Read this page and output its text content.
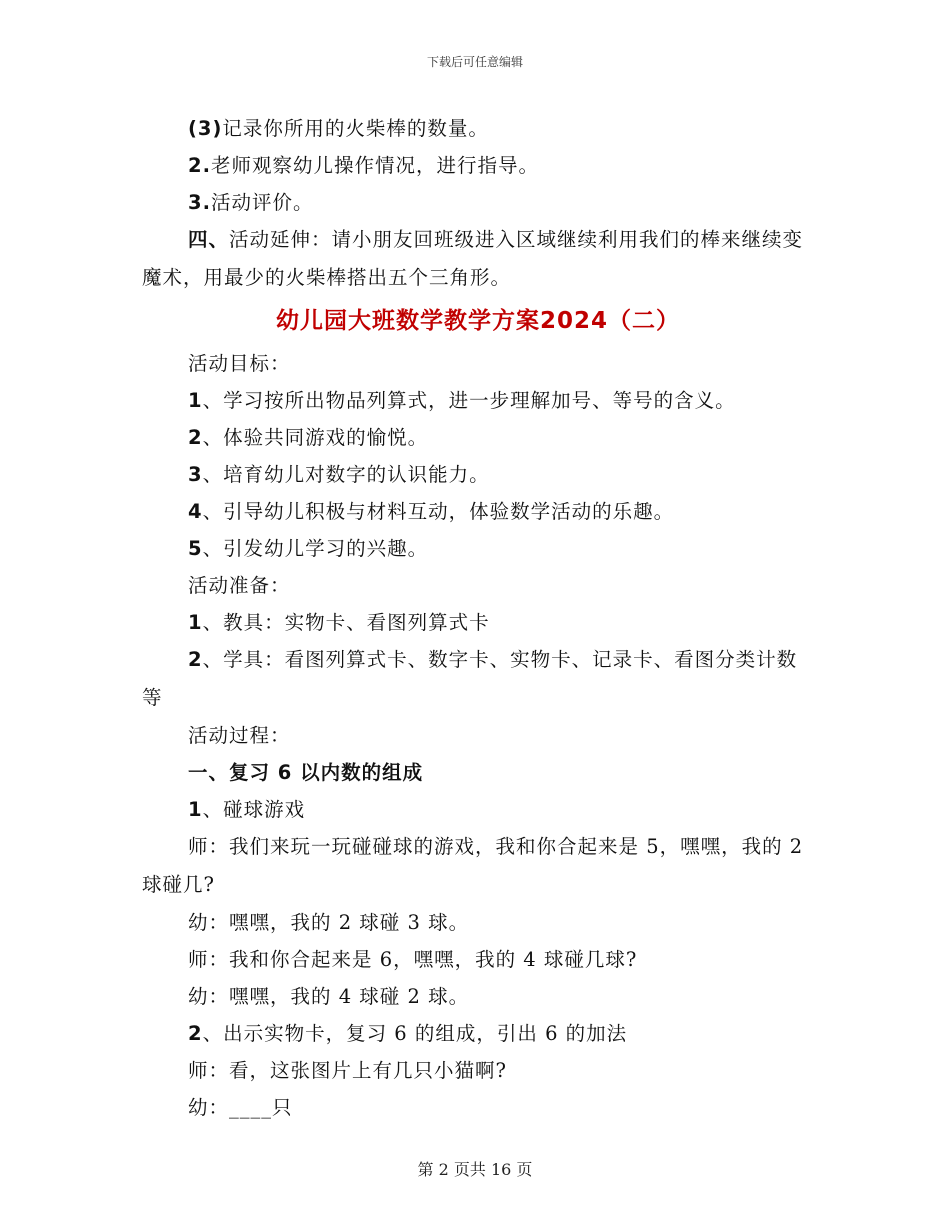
下载后可任意编辑

(3)记录你所用的火柴棒的数量。

2.老师观察幼儿操作情况，进行指导。

3.活动评价。

四、活动延伸：请小朋友回班级进入区域继续利用我们的棒来继续变魔术，用最少的火柴棒搭出五个三角形。

幼儿园大班数学教学方案2024（二）

活动目标：

1、学习按所出物品列算式，进一步理解加号、等号的含义。

2、体验共同游戏的愉悦。

3、培育幼儿对数字的认识能力。

4、引导幼儿积极与材料互动，体验数学活动的乐趣。

5、引发幼儿学习的兴趣。

活动准备：

1、教具：实物卡、看图列算式卡

2、学具：看图列算式卡、数字卡、实物卡、记录卡、看图分类计数等

活动过程：

一、复习 6 以内数的组成

1、碰球游戏

师：我们来玩一玩碰碰球的游戏，我和你合起来是 5，嘿嘿，我的 2 球碰几?

幼：嘿嘿，我的 2 球碰 3 球。

师：我和你合起来是 6，嘿嘿，我的 4 球碰几球?

幼：嘿嘿，我的 4 球碰 2 球。

2、出示实物卡，复习 6 的组成，引出 6 的加法

师：看，这张图片上有几只小猫啊?

幼：____只

第 2 页共 16 页
